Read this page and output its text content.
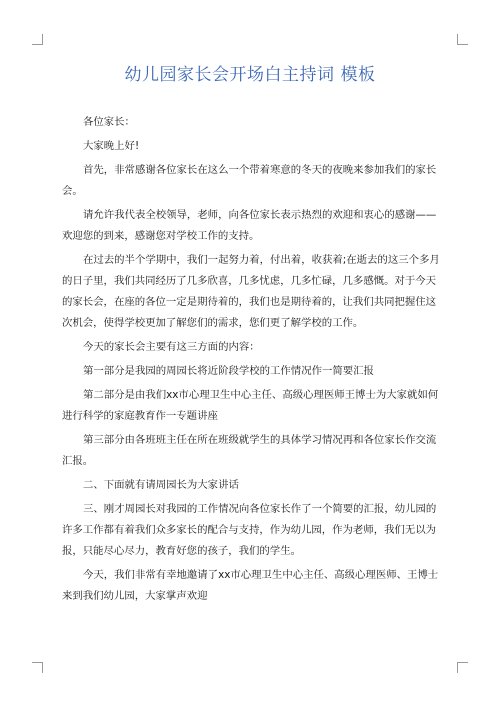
幼儿园家长会开场白主持词 模板

各位家长：

大家晚上好!

首先，非常感谢各位家长在这么一个带着寒意的冬天的夜晚来参加我们的家长会。

请允许我代表全校领导，老师，向各位家长表示热烈的欢迎和衷心的感谢——欢迎您的到来，感谢您对学校工作的支持。

在过去的半个学期中，我们一起努力着，付出着，收获着;在逝去的这三个多月的日子里，我们共同经历了几多欣喜，几多忧虑，几多忙碌，几多感慨。对于今天的家长会，在座的各位一定是期待着的，我们也是期待着的，让我们共同把握住这次机会，使得学校更加了解您们的需求，您们更了解学校的工作。

今天的家长会主要有这三方面的内容：

第一部分是我园的周园长将近阶段学校的工作情况作一简要汇报

第二部分是由我们xx市心理卫生中心主任、高级心理医师王博士为大家就如何进行科学的家庭教育作一专题讲座

第三部分由各班班主任在所在班级就学生的具体学习情况再和各位家长作交流汇报。

二、下面就有请周园长为大家讲话

三、刚才周园长对我园的工作情况向各位家长作了一个简要的汇报，幼儿园的许多工作都有着我们众多家长的配合与支持，作为幼儿园，作为老师，我们无以为报，只能尽心尽力，教育好您的孩子，我们的学生。

今天，我们非常有幸地邀请了xx市心理卫生中心主任、高级心理医师、王博士来到我们幼儿园，大家掌声欢迎
